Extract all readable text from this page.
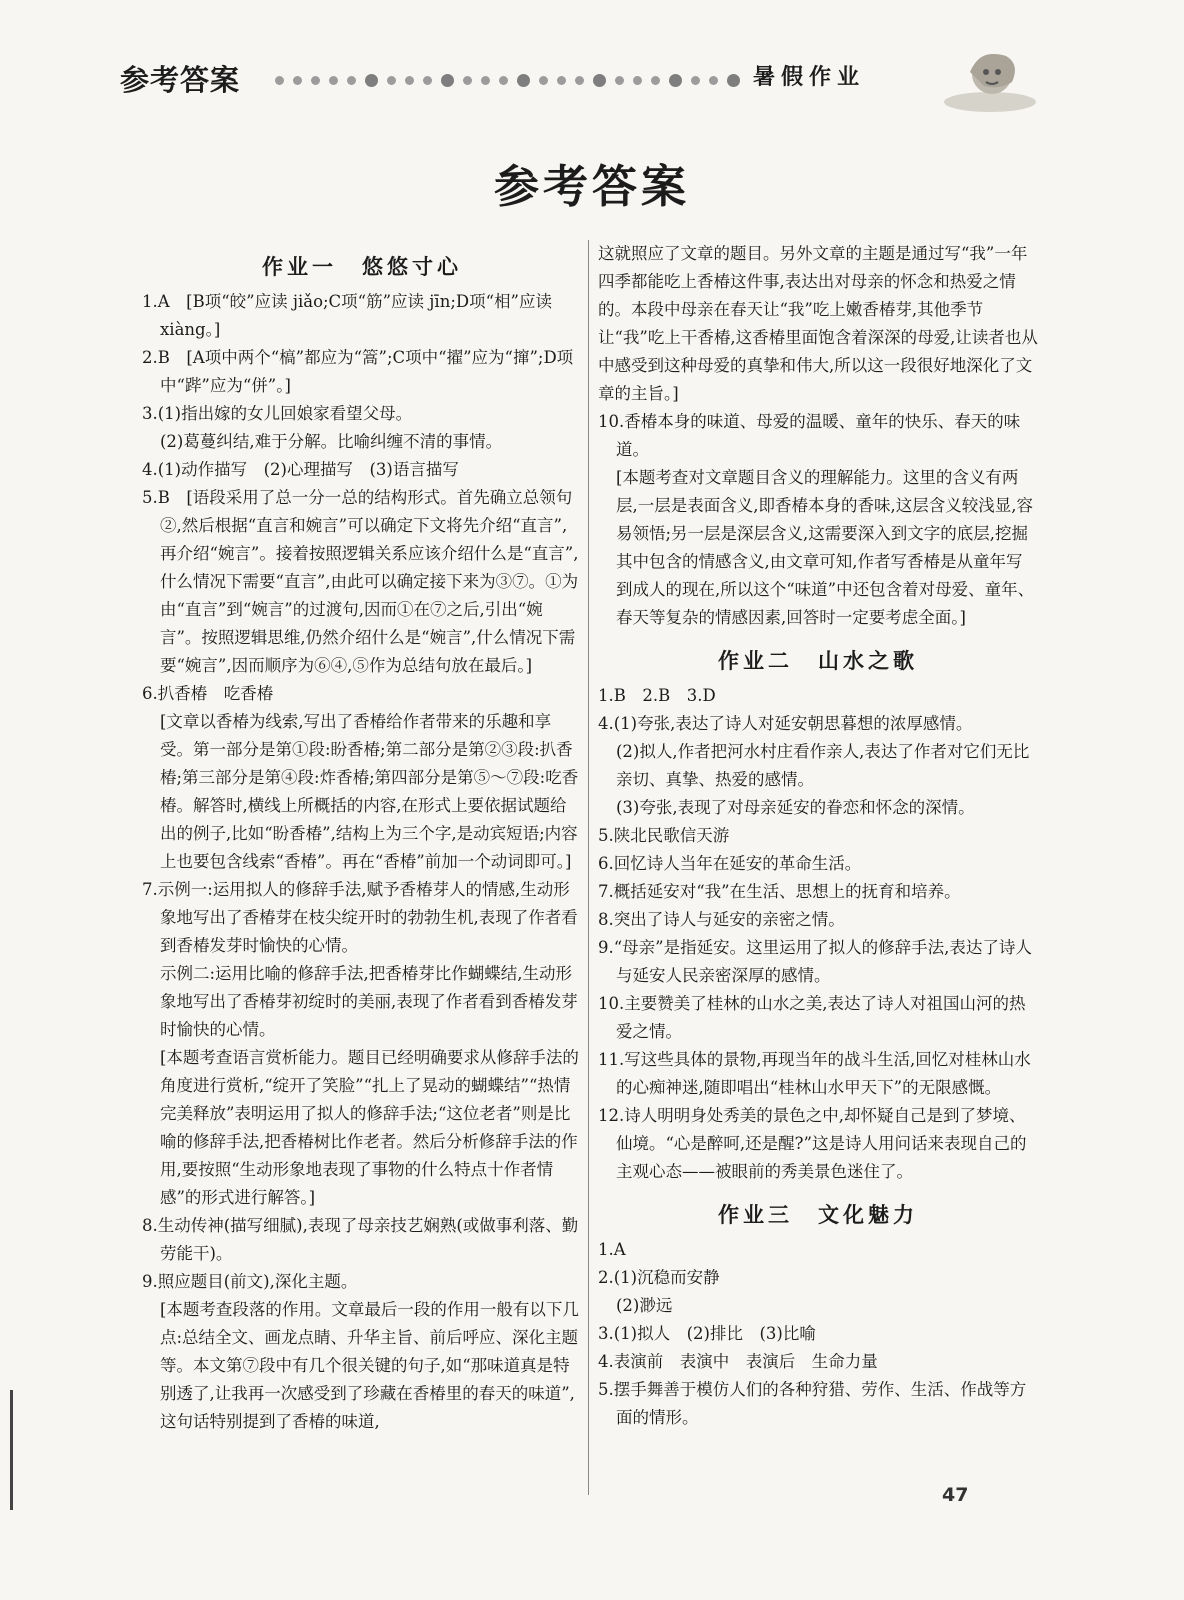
参考答案	暑假作业
参考答案
作业一　悠悠寸心

1.A　[B项“皎”应读 jiǎo;C项“筋”应读 jīn;D项“相”应读 xiàng。]

2.B　[A项中两个“槁”都应为“篙”;C项中“擢”应为“撺”;D项中“跸”应为“併”。]

3.(1)指出嫁的女儿回娘家看望父母。

(2)葛蔓纠结,难于分解。比喻纠缠不清的事情。

4.(1)动作描写　(2)心理描写　(3)语言描写

5.B　[语段采用了总一分一总的结构形式。首先确立总领句②,然后根据“直言和婉言”可以确定下文将先介绍“直言”,再介绍“婉言”。接着按照逻辑关系应该介绍什么是“直言”,什么情况下需要“直言”,由此可以确定接下来为③⑦。①为由“直言”到“婉言”的过渡句,因而①在⑦之后,引出“婉言”。按照逻辑思维,仍然介绍什么是“婉言”,什么情况下需要“婉言”,因而顺序为⑥④,⑤作为总结句放在最后。]

6.扒香椿　吃香椿

[文章以香椿为线索,写出了香椿给作者带来的乐趣和享受。第一部分是第①段:盼香椿;第二部分是第②③段:扒香椿;第三部分是第④段:炸香椿;第四部分是第⑤～⑦段:吃香椿。解答时,横线上所概括的内容,在形式上要依据试题给出的例子,比如“盼香椿”,结构上为三个字,是动宾短语;内容上也要包含线索“香椿”。再在“香椿”前加一个动词即可。]

7.示例一:运用拟人的修辞手法,赋予香椿芽人的情感,生动形象地写出了香椿芽在枝尖绽开时的勃勃生机,表现了作者看到香椿发芽时愉快的心情。

示例二:运用比喻的修辞手法,把香椿芽比作蝴蝶结,生动形象地写出了香椿芽初绽时的美丽,表现了作者看到香椿发芽时愉快的心情。

[本题考查语言赏析能力。题目已经明确要求从修辞手法的角度进行赏析,“绽开了笑脸”“扎上了晃动的蝴蝶结”“热情完美释放”表明运用了拟人的修辞手法;“这位老者”则是比喻的修辞手法,把香椿树比作老者。然后分析修辞手法的作用,要按照“生动形象地表现了事物的什么特点十作者情感”的形式进行解答。]

8.生动传神(描写细腻),表现了母亲技艺娴熟(或做事利落、勤劳能干)。

9.照应题目(前文),深化主题。

[本题考查段落的作用。文章最后一段的作用一般有以下几点:总结全文、画龙点睛、升华主旨、前后呼应、深化主题等。本文第⑦段中有几个很关键的句子,如“那味道真是特别透了,让我再一次感受到了珍藏在香椿里的春天的味道”,这句话特别提到了香椿的味道,

这就照应了文章的题目。另外文章的主题是通过写“我”一年四季都能吃上香椿这件事,表达出对母亲的怀念和热爱之情的。本段中母亲在春天让“我”吃上嫩香椿芽,其他季节让“我”吃上干香椿,这香椿里面饱含着深深的母爱,让读者也从中感受到这种母爱的真挚和伟大,所以这一段很好地深化了文章的主旨。]

10.香椿本身的味道、母爱的温暖、童年的快乐、春天的味道。

[本题考查对文章题目含义的理解能力。这里的含义有两层,一层是表面含义,即香椿本身的香味,这层含义较浅显,容易领悟;另一层是深层含义,这需要深入到文字的底层,挖掘其中包含的情感含义,由文章可知,作者写香椿是从童年写到成人的现在,所以这个“味道”中还包含着对母爱、童年、春天等复杂的情感因素,回答时一定要考虑全面。]

作业二　山水之歌

1.B　2.B　3.D

4.(1)夸张,表达了诗人对延安朝思暮想的浓厚感情。

(2)拟人,作者把河水村庄看作亲人,表达了作者对它们无比亲切、真挚、热爱的感情。

(3)夸张,表现了对母亲延安的眷恋和怀念的深情。

5.陕北民歌信天游

6.回忆诗人当年在延安的革命生活。

7.概括延安对“我”在生活、思想上的抚育和培养。

8.突出了诗人与延安的亲密之情。

9.“母亲”是指延安。这里运用了拟人的修辞手法,表达了诗人与延安人民亲密深厚的感情。

10.主要赞美了桂林的山水之美,表达了诗人对祖国山河的热爱之情。

11.写这些具体的景物,再现当年的战斗生活,回忆对桂林山水的心痴神迷,随即唱出“桂林山水甲天下”的无限感慨。

12.诗人明明身处秀美的景色之中,却怀疑自己是到了梦境、仙境。“心是醉呵,还是醒?”这是诗人用问话来表现自己的主观心态——被眼前的秀美景色迷住了。

作业三　文化魅力

1.A

2.(1)沉稳而安静

(2)渺远

3.(1)拟人　(2)排比　(3)比喻

4.表演前　表演中　表演后　生命力量

5.摆手舞善于模仿人们的各种狩猎、劳作、生活、作战等方面的情形。

47
